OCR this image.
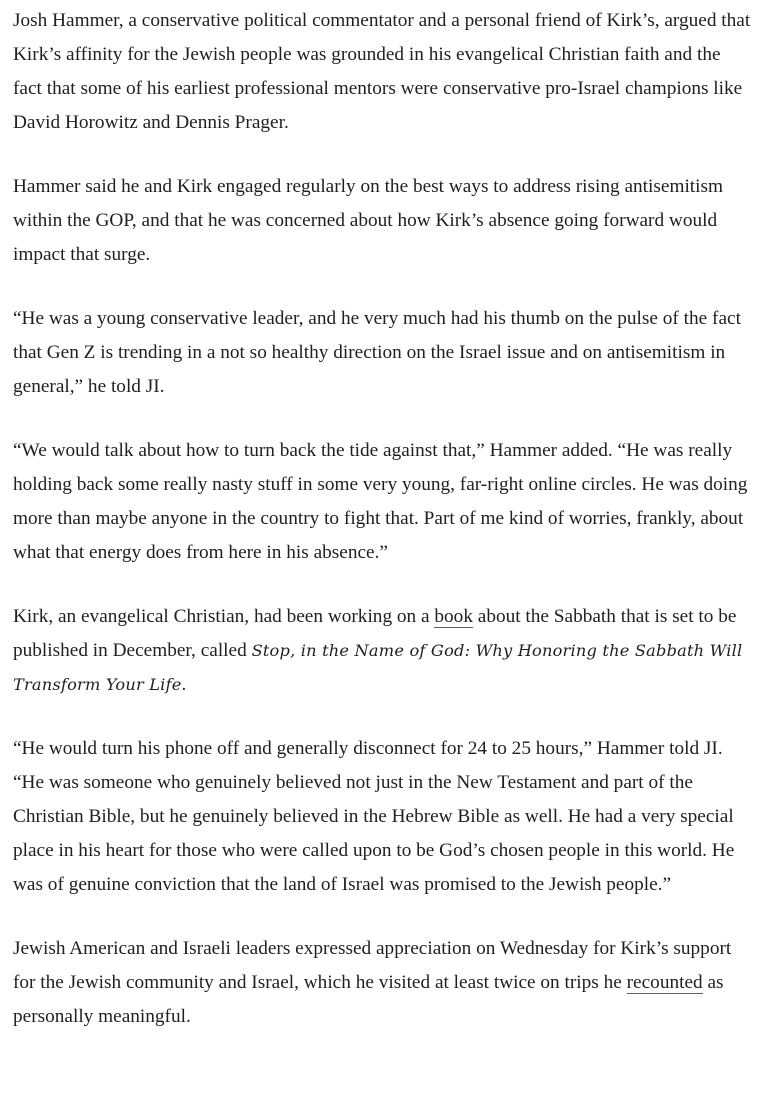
Josh Hammer, a conservative political commentator and a personal friend of Kirk’s, argued that Kirk’s affinity for the Jewish people was grounded in his evangelical Christian faith and the fact that some of his earliest professional mentors were conservative pro-Israel champions like David Horowitz and Dennis Prager.

Hammer said he and Kirk engaged regularly on the best ways to address rising antisemitism within the GOP, and that he was concerned about how Kirk’s absence going forward would impact that surge.

“He was a young conservative leader, and he very much had his thumb on the pulse of the fact that Gen Z is trending in a not so healthy direction on the Israel issue and on antisemitism in general,” he told JI.

“We would talk about how to turn back the tide against that,” Hammer added. “He was really holding back some really nasty stuff in some very young, far-right online circles. He was doing more than maybe anyone in the country to fight that. Part of me kind of worries, frankly, about what that energy does from here in his absence.”

Kirk, an evangelical Christian, had been working on a book about the Sabbath that is set to be published in December, called Stop, in the Name of God: Why Honoring the Sabbath Will Transform Your Life.

“He would turn his phone off and generally disconnect for 24 to 25 hours,” Hammer told JI. “He was someone who genuinely believed not just in the New Testament and part of the Christian Bible, but he genuinely believed in the Hebrew Bible as well. He had a very special place in his heart for those who were called upon to be God’s chosen people in this world. He was of genuine conviction that the land of Israel was promised to the Jewish people.”

Jewish American and Israeli leaders expressed appreciation on Wednesday for Kirk’s support for the Jewish community and Israel, which he visited at least twice on trips he recounted as personally meaningful.
